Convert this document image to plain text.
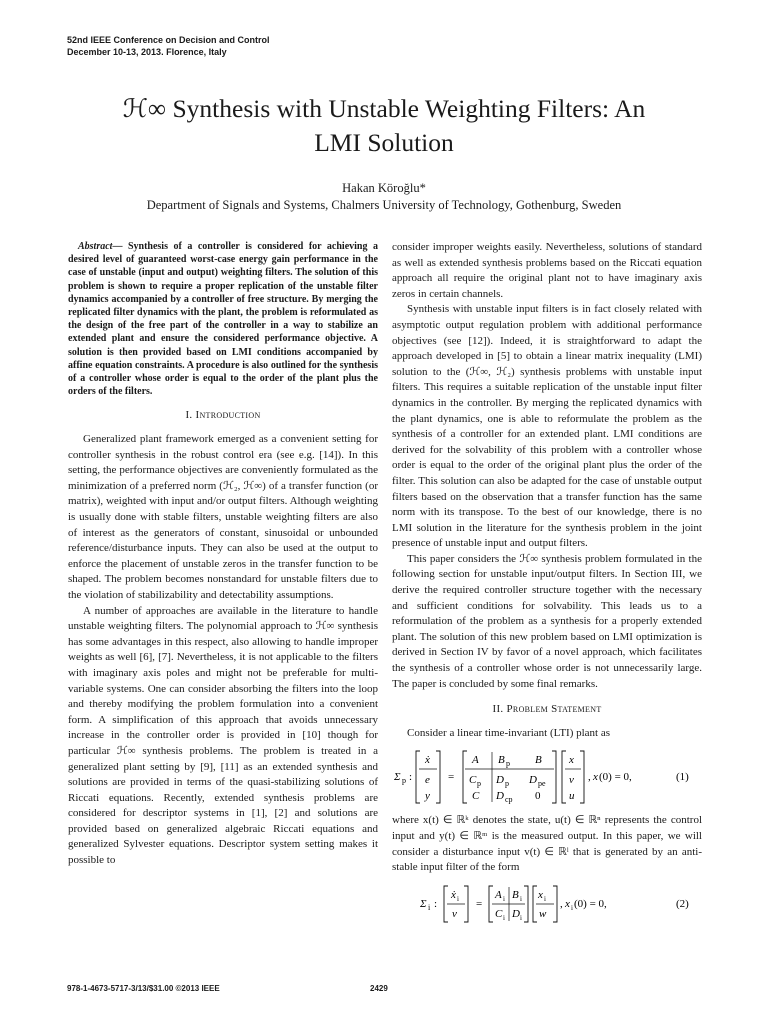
52nd IEEE Conference on Decision and Control
December 10-13, 2013. Florence, Italy
ℋ∞ Synthesis with Unstable Weighting Filters: An
LMI Solution
Hakan Köroğlu*
Department of Signals and Systems, Chalmers University of Technology, Gothenburg, Sweden

Abstract— Synthesis of a controller is considered for achieving a desired level of guaranteed worst-case energy gain performance in the case of unstable (input and output) weighting filters. The solution of this problem is shown to require a proper replication of the unstable filter dynamics accompanied by a controller of free structure. By merging the replicated filter dynamics with the plant, the problem is reformulated as the design of the free part of the controller in a way to stabilize an extended plant and ensure the considered performance objective. A solution is then provided based on LMI conditions accompanied by affine equation constraints. A procedure is also outlined for the synthesis of a controller whose order is equal to the order of the plant plus the orders of the filters.

I. Introduction

Generalized plant framework emerged as a convenient setting for controller synthesis in the robust control era (see e.g. [14]). In this setting, the performance objectives are conveniently formulated as the minimization of a preferred norm (ℋ₂, ℋ∞) of a transfer function (or matrix), weighted with input and/or output filters. Although weighting is usually done with stable filters, unstable weighting filters are also of interest as the generators of constant, sinusoidal or unbounded reference/disturbance inputs. They can also be used at the output to enforce the placement of unstable zeros in the transfer function to be shaped. The problem becomes nonstandard for unstable filters due to the violation of stabilizability and detectability assumptions.

A number of approaches are available in the literature to handle unstable weighting filters. The polynomial approach to ℋ∞ synthesis has some advantages in this respect, also allowing to handle improper weights as well [6], [7]. Nevertheless, it is not applicable to the filters with imaginary axis poles and might not be preferable for multi-variable systems. One can consider absorbing the filters into the loop and thereby modifying the problem formulation into a convenient form. A simplification of this approach that avoids unnecessary increase in the controller order is provided in [10] though for particular ℋ∞ synthesis problems. The problem is treated in a generalized plant setting by [9], [11] as an extended synthesis and solutions are provided in terms of the quasi-stabilizing solutions of Riccati equations. Recently, extended synthesis problems are considered for descriptor systems in [1], [2] and solutions are provided based on generalized algebraic Riccati equations and generalized Sylvester equations. Descriptor system setting makes it possible to

consider improper weights easily. Nevertheless, solutions of standard as well as extended synthesis problems based on the Riccati equation approach all require the original plant not to have imaginary axis zeros in certain channels.

Synthesis with unstable input filters is in fact closely related with asymptotic output regulation problem with additional performance objectives (see [12]). Indeed, it is straightforward to adapt the approach developed in [5] to obtain a linear matrix inequality (LMI) solution to the (ℋ∞, ℋ₂) synthesis problems with unstable input filters. This requires a suitable replication of the unstable input filter dynamics in the controller. By merging the replicated dynamics with the plant dynamics, one is able to reformulate the problem as the synthesis of a controller for an extended plant. LMI conditions are derived for the solvability of this problem with a controller whose order is equal to the order of the original plant plus the order of the filter. This solution can also be adapted for the case of unstable output filters based on the observation that a transfer function has the same norm with its transpose. To the best of our knowledge, there is no LMI solution in the literature for the synthesis problem in the joint presence of unstable input and output filters.

This paper considers the ℋ∞ synthesis problem formulated in the following section for unstable input/output filters. In Section III, we derive the required controller structure together with the necessary and sufficient conditions for solvability. This leads us to a reformulation of the problem as a synthesis for a properly extended plant. The solution of this new problem based on LMI optimization is derived in Section IV by favor of a novel approach, which facilitates the synthesis of a controller whose order is not unnecessarily large. The paper is concluded by some final remarks.

II. Problem Statement

Consider a linear time-invariant (LTI) plant as

Σ p :
ẋ
e
y
=
A B p B
C p D p D pe
C D cp 0
x
v
u
, x (0) = 0,	(1)

where x(t) ∈ ℝᵏ denotes the state, u(t) ∈ ℝⁿ represents the control input and y(t) ∈ ℝᵐ is the measured output. In this paper, we will consider a disturbance input v(t) ∈ ℝˡ that is generated by an anti-stable input filter of the form

Σ i :
ẋ i
v
=
A i B i
C i D i
x i
w
, x i (0) = 0,	(2)
978-1-4673-5717-3/13/$31.00 ©2013 IEEE	2429
